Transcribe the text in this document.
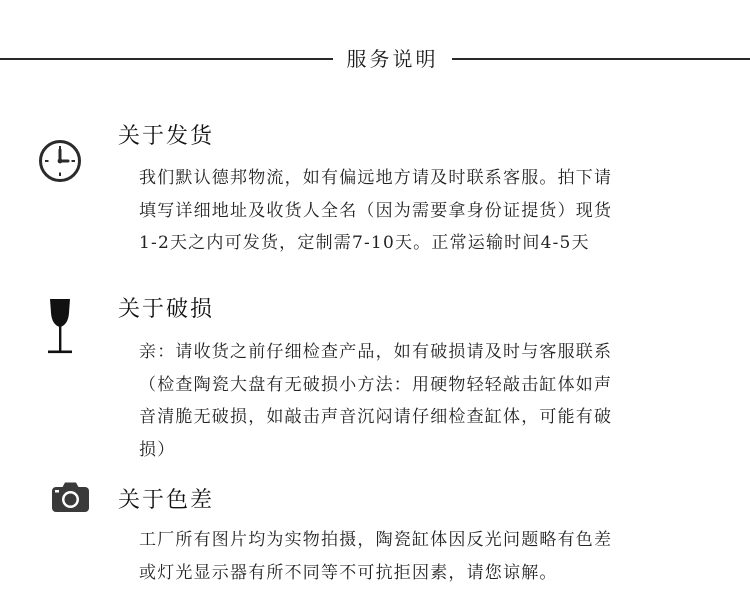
服务说明
关于发货
我们默认德邦物流，如有偏远地方请及时联系客服。拍下请
填写详细地址及收货人全名（因为需要拿身份证提货）现货
1-2天之内可发货，定制需7-10天。正常运输时间4-5天
关于破损
亲：请收货之前仔细检查产品，如有破损请及时与客服联系
（检查陶瓷大盘有无破损小方法：用硬物轻轻敲击缸体如声
音清脆无破损，如敲击声音沉闷请仔细检查缸体，可能有破
损）
关于色差
工厂所有图片均为实物拍摄，陶瓷缸体因反光问题略有色差
或灯光显示器有所不同等不可抗拒因素，请您谅解。
